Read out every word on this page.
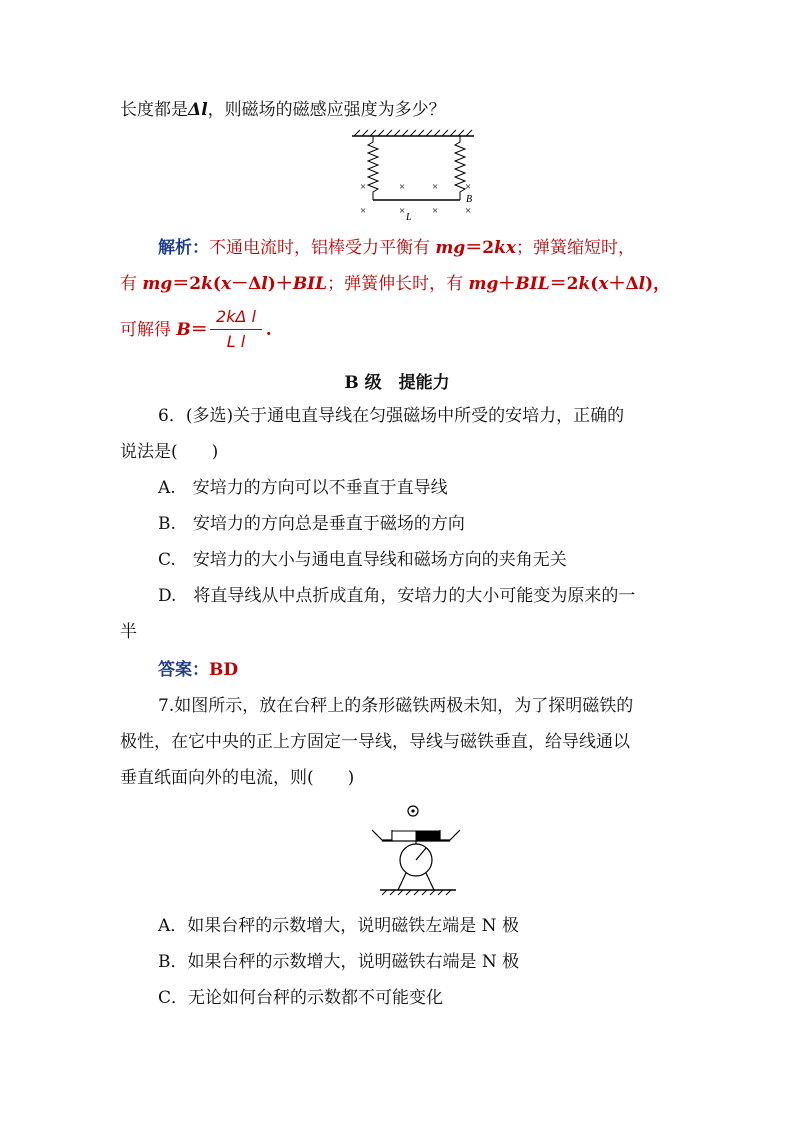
长度都是Δl，则磁场的磁感应强度为多少？
×	× × ×
×	× × ×
B
L
解析：不通电流时，铝棒受力平衡有 mg＝2kx；弹簧缩短时，
有 mg＝2k(x－Δl)＋BIL；弹簧伸长时，有 mg＋BIL＝2k(x＋Δl)，
可解得 B＝	.
2kΔ l
L l
B 级　提能力
6．(多选)关于通电直导线在匀强磁场中所受的安培力，正确的
说法是(　　)
A.　安培力的方向可以不垂直于直导线
B.　安培力的方向总是垂直于磁场的方向
C.　安培力的大小与通电直导线和磁场方向的夹角无关
D.　将直导线从中点折成直角，安培力的大小可能变为原来的一
半
答案：BD
7.如图所示，放在台秤上的条形磁铁两极未知，为了探明磁铁的
极性，在它中央的正上方固定一导线，导线与磁铁垂直，给导线通以
垂直纸面向外的电流，则(　　)
A．如果台秤的示数增大，说明磁铁左端是 N 极
B．如果台秤的示数增大，说明磁铁右端是 N 极
C．无论如何台秤的示数都不可能变化
